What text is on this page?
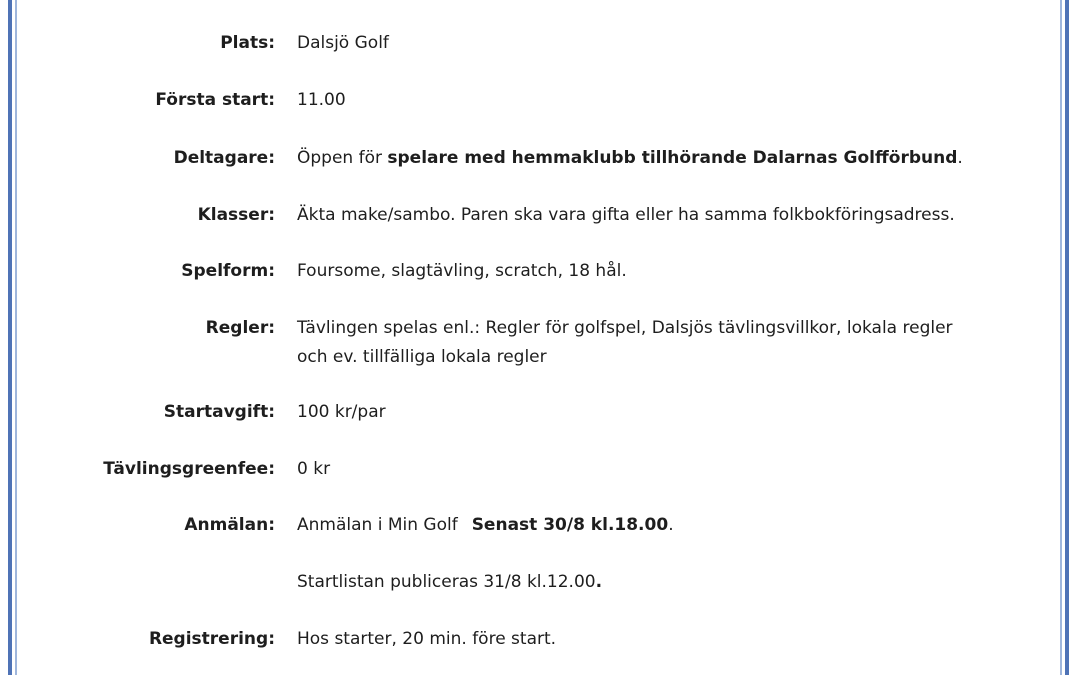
Plats: Dalsjö Golf
Första start: 11.00
Deltagare: Öppen för spelare med hemmaklubb tillhörande Dalarnas Golfförbund.
Klasser: Äkta make/sambo. Paren ska vara gifta eller ha samma folkbokföringsadress.
Spelform: Foursome, slagtävling, scratch, 18 hål.
Regler: Tävlingen spelas enl.: Regler för golfspel, Dalsjös tävlingsvillkor, lokala regler
och ev. tillfälliga lokala regler
Startavgift: 100 kr/par
Tävlingsgreenfee: 0 kr
Anmälan: Anmälan i Min Golf Senast 30/8 kl.18.00.
Startlistan publiceras 31/8 kl.12.00.
Registrering: Hos starter, 20 min. före start.
